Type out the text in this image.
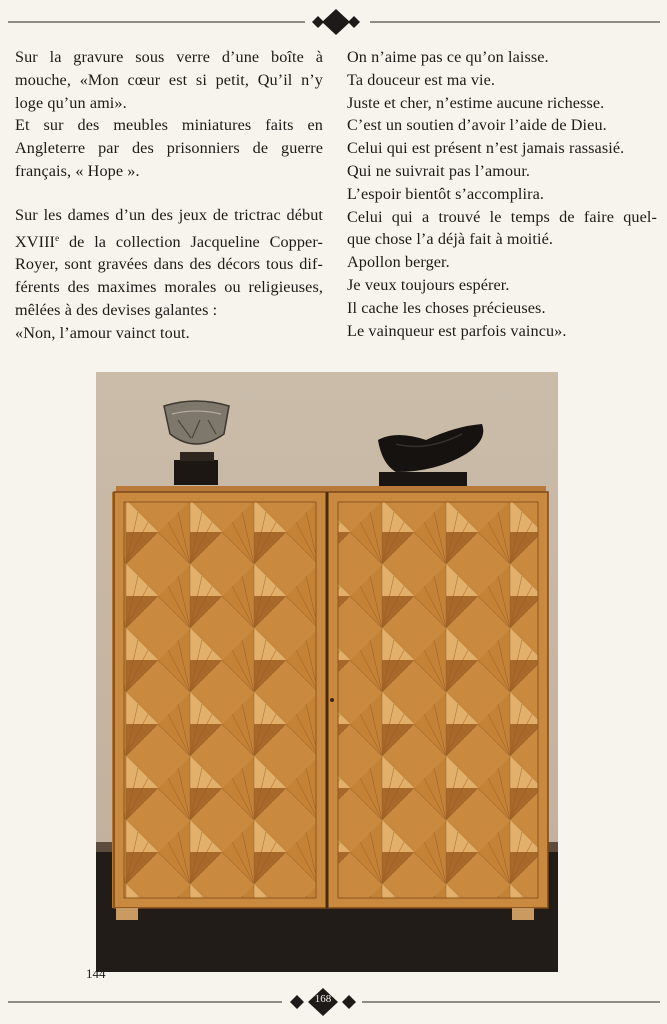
Sur la gravure sous verre d’une boîte à

mouche, «Mon cœur est si petit, Qu’il n’y

loge qu’un ami».

Et sur des meubles miniatures faits en

Angleterre par des prisonniers de guerre

français, « Hope ».

Sur les dames d’un des jeux de trictrac début

XVIIIe de la collection Jacqueline Copper-

Royer, sont gravées dans des décors tous dif-

férents des maximes morales ou religieuses,

mêlées à des devises galantes :

«Non, l’amour vainct tout.

On n’aime pas ce qu’on laisse.

Ta douceur est ma vie.

Juste et cher, n’estime aucune richesse.

C’est un soutien d’avoir l’aide de Dieu.

Celui qui est présent n’est jamais rassasié.

Qui ne suivrait pas l’amour.

L’espoir bientôt s’accomplira.

Celui qui a trouvé le temps de faire quel-

que chose l’a déjà fait à moitié.

Apollon berger.

Je veux toujours espérer.

Il cache les choses précieuses.

Le vainqueur est parfois vaincu».

144
168
